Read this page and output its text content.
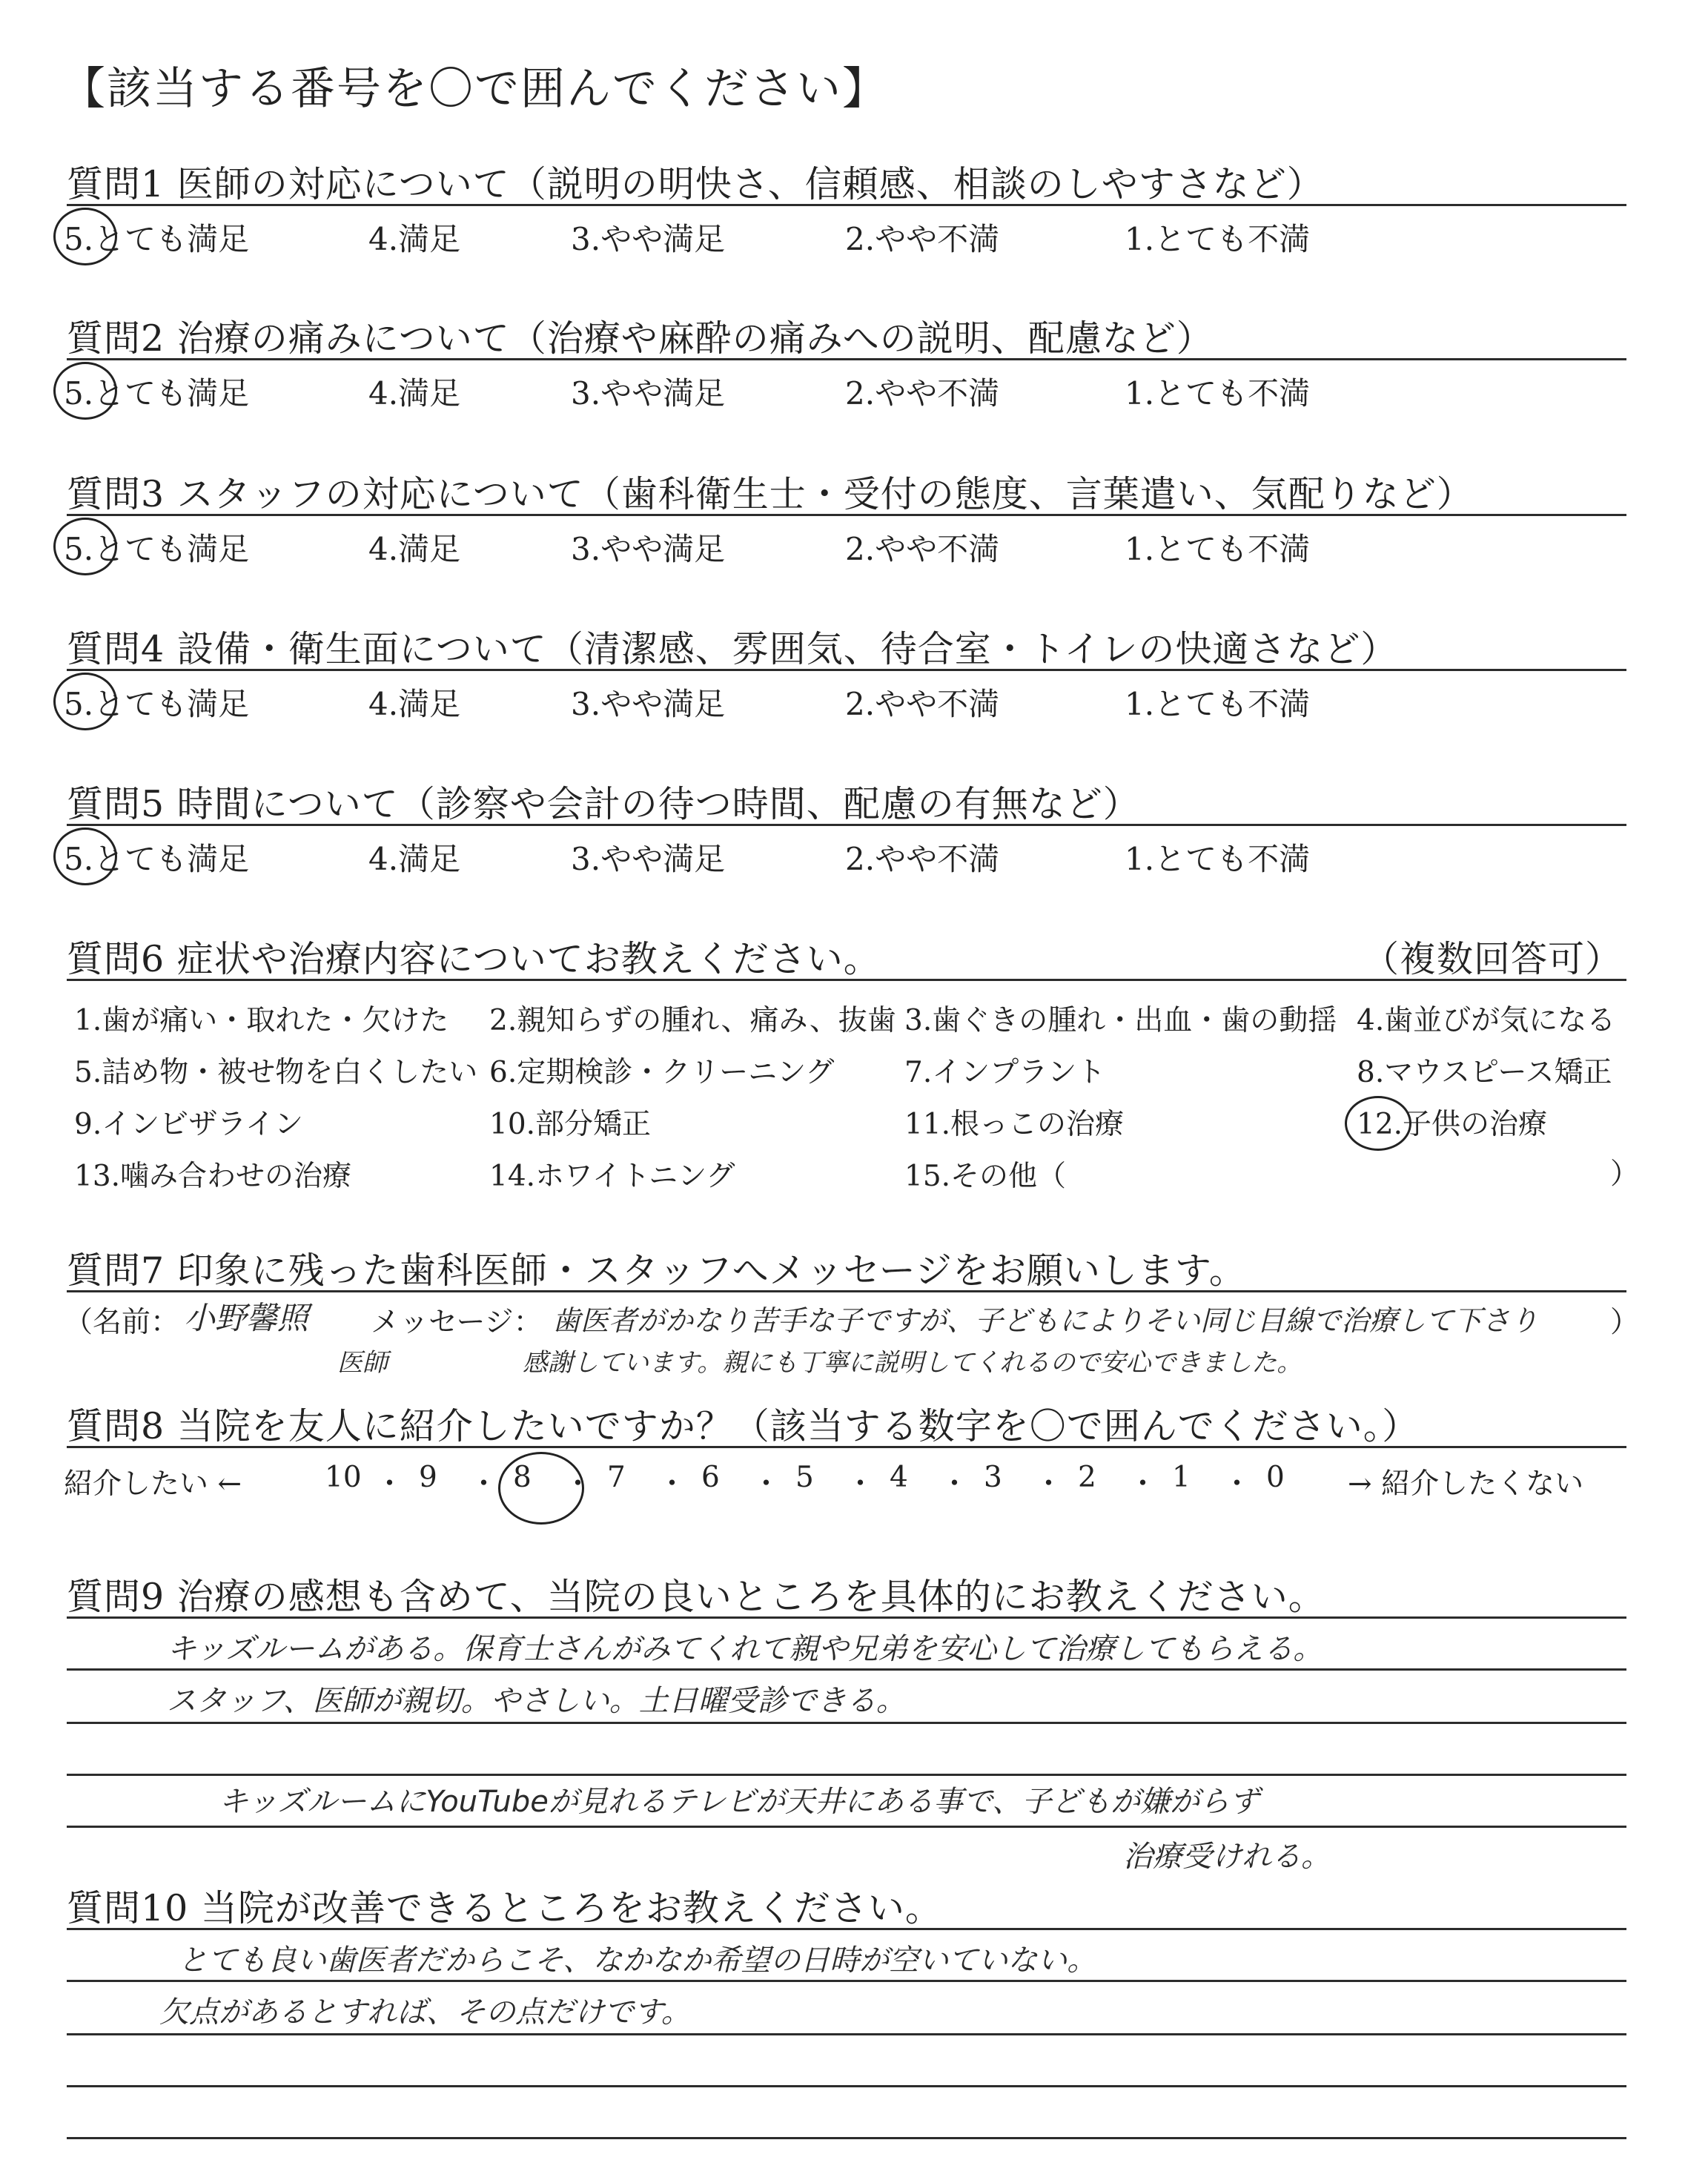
【該当する番号を〇で囲んでください】
質問1 医師の対応について（説明の明快さ、信頼感、相談のしやすさなど）
5.とても満足	4.満足	3.やや満足	2.やや不満	1.とても不満
質問2 治療の痛みについて（治療や麻酔の痛みへの説明、配慮など）
5.とても満足	4.満足	3.やや満足	2.やや不満	1.とても不満
質問3 スタッフの対応について（歯科衛生士・受付の態度、言葉遣い、気配りなど）
5.とても満足	4.満足	3.やや満足	2.やや不満	1.とても不満
質問4 設備・衛生面について（清潔感、雰囲気、待合室・トイレの快適さなど）
5.とても満足	4.満足	3.やや満足	2.やや不満	1.とても不満
質問5 時間について（診察や会計の待つ時間、配慮の有無など）
5.とても満足	4.満足	3.やや満足	2.やや不満	1.とても不満
質問6 症状や治療内容についてお教えください。	（複数回答可）
1.歯が痛い・取れた・欠けた 2.親知らずの腫れ、痛み、抜歯 3.歯ぐきの腫れ・出血・歯の動揺 4.歯並びが気になる
5.詰め物・被せ物を白くしたい 6.定期検診・クリーニング 7.インプラント	8.マウスピース矯正
9.インビザライン	10.部分矯正	11.根っこの治療	12.子供の治療
13.噛み合わせの治療	14.ホワイトニング	15.その他（	）
質問7 印象に残った歯科医師・スタッフへメッセージをお願いします。
（名前： 小野馨照
医師
メッセージ： 歯医者がかなり苦手な子ですが、子どもによりそい同じ目線で治療して下さり
感謝しています。親にも丁寧に説明してくれるので安心できました。
）
質問8 当院を友人に紹介したいですか？（該当する数字を〇で囲んでください。）
紹介したい ←	→ 紹介したくない
10 ・ 9 ・ 8 ・ 7 ・ 6 ・ 5 ・ 4 ・ 3 ・ 2 ・ 1 ・ 0
質問9 治療の感想も含めて、当院の良いところを具体的にお教えください。
キッズルームがある。保育士さんがみてくれて親や兄弟を安心して治療してもらえる。
スタッフ、医師が親切。やさしい。土日曜受診できる。
キッズルームにYouTubeが見れるテレビが天井にある事で、子どもが嫌がらず
治療受けれる。
質問10 当院が改善できるところをお教えください。
とても良い歯医者だからこそ、なかなか希望の日時が空いていない。
欠点があるとすれば、その点だけです。
